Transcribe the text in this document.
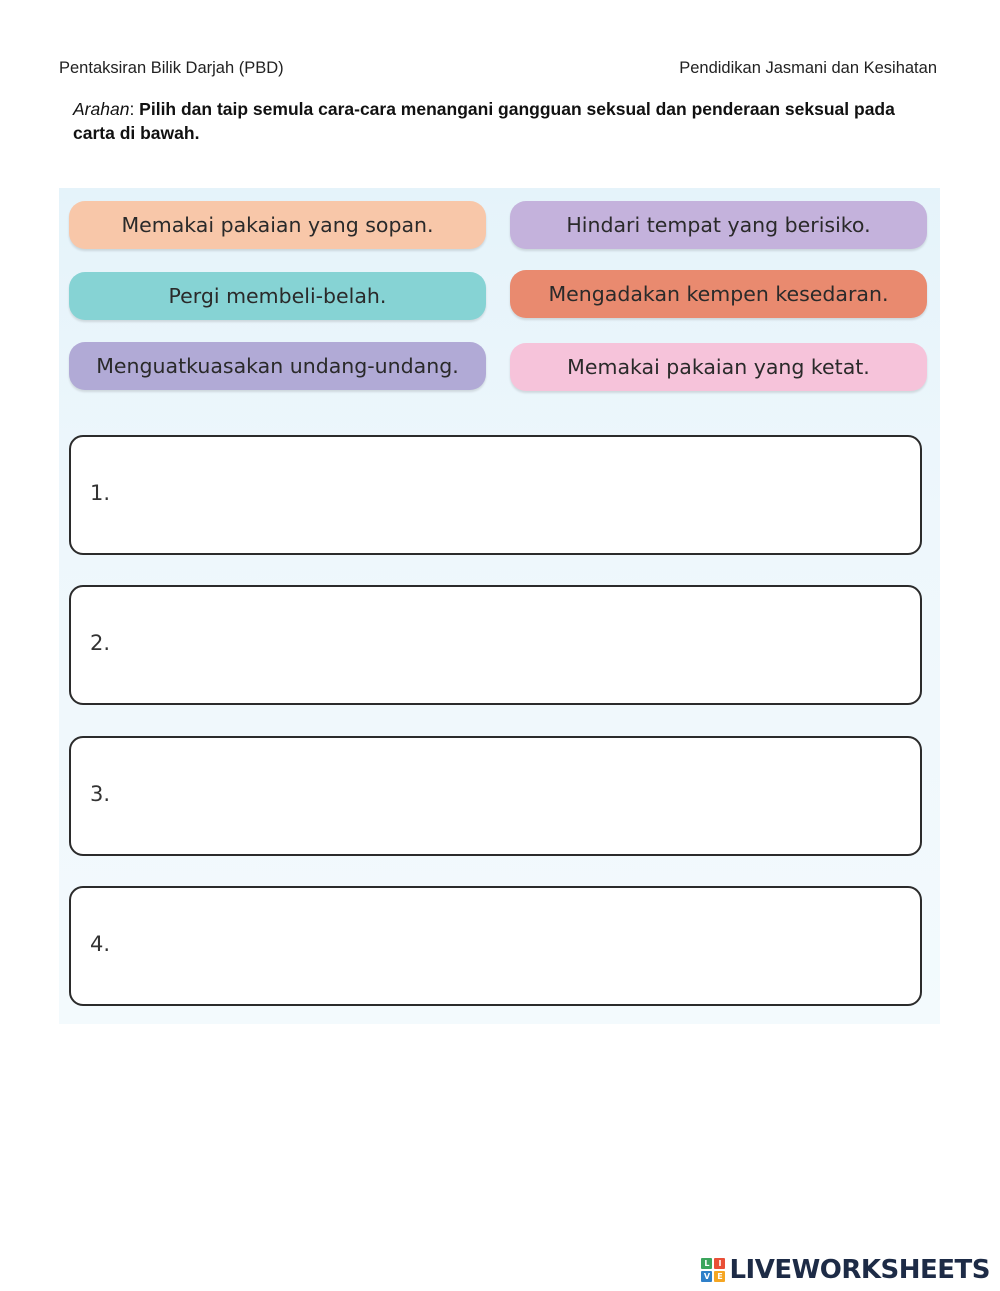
Pentaksiran Bilik Darjah (PBD)	Pendidikan Jasmani dan Kesihatan
Arahan: Pilih dan taip semula cara-cara menangani gangguan seksual dan penderaan seksual pada carta di bawah.
Memakai pakaian yang sopan.	Hindari tempat yang berisiko.
Pergi membeli-belah.	Mengadakan kempen kesedaran.
Menguatkuasakan undang-undang.	Memakai pakaian yang ketat.
1.
2.
3.
4.
L	I
V E LIVEWORKSHEETS
